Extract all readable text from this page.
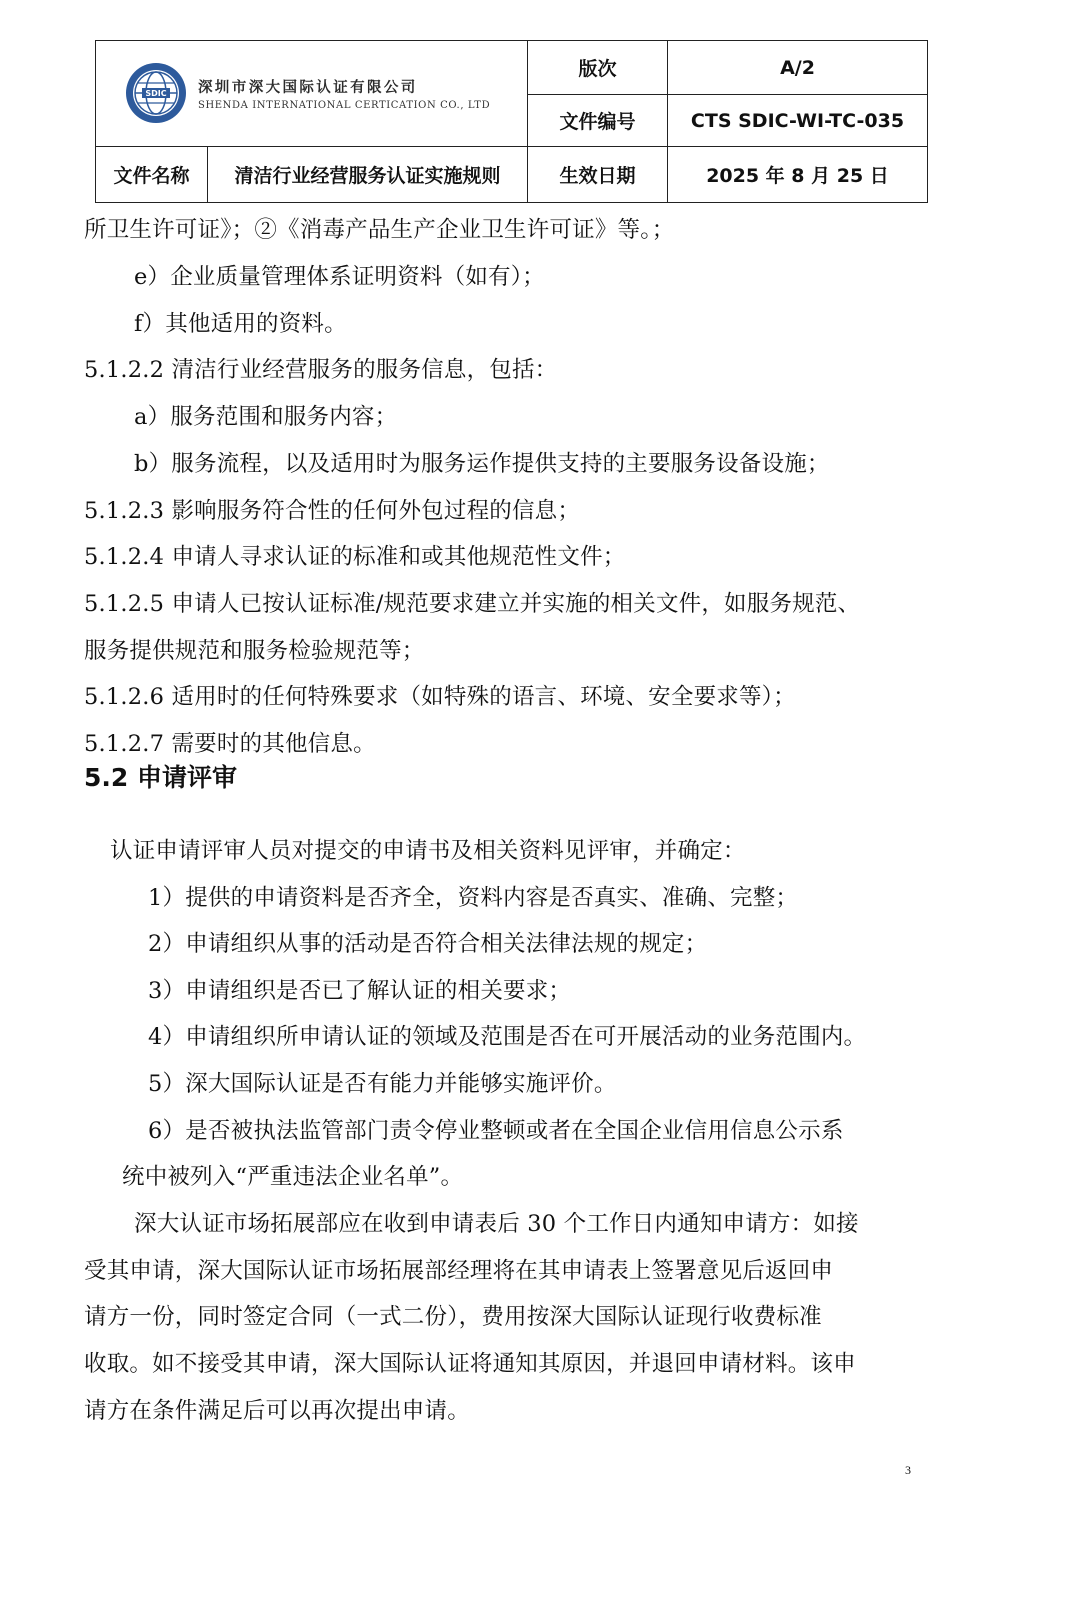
SDIC 深圳市深大国际认证有限公司
SHENDA INTERNATIONAL CERTICATION CO., LTD		版次	A/2
		文件编号	CTS SDIC-WI-TC-035
文件名称	清洁行业经营服务认证实施规则	生效日期	2025 年 8 月 25 日
所卫生许可证》；②《消毒产品生产企业卫生许可证》等。；
e）企业质量管理体系证明资料（如有）；
f）其他适用的资料。
5.1.2.2 清洁行业经营服务的服务信息，包括：
a）服务范围和服务内容；
b）服务流程，以及适用时为服务运作提供支持的主要服务设备设施；
5.1.2.3 影响服务符合性的任何外包过程的信息；
5.1.2.4 申请人寻求认证的标准和或其他规范性文件；
5.1.2.5 申请人已按认证标准/规范要求建立并实施的相关文件，如服务规范、
服务提供规范和服务检验规范等；
5.1.2.6 适用时的任何特殊要求（如特殊的语言、环境、安全要求等）；
5.1.2.7 需要时的其他信息。
5.2 申请评审
认证申请评审人员对提交的申请书及相关资料见评审，并确定：
1）提供的申请资料是否齐全，资料内容是否真实、准确、完整；
2）申请组织从事的活动是否符合相关法律法规的规定；
3）申请组织是否已了解认证的相关要求；
4）申请组织所申请认证的领域及范围是否在可开展活动的业务范围内。
5）深大国际认证是否有能力并能够实施评价。
6）是否被执法监管部门责令停业整顿或者在全国企业信用信息公示系
统中被列入“严重违法企业名单”。
深大认证市场拓展部应在收到申请表后 30 个工作日内通知申请方：如接
受其申请，深大国际认证市场拓展部经理将在其申请表上签署意见后返回申
请方一份，同时签定合同（一式二份），费用按深大国际认证现行收费标准
收取。如不接受其申请，深大国际认证将通知其原因，并退回申请材料。该申
请方在条件满足后可以再次提出申请。
3
